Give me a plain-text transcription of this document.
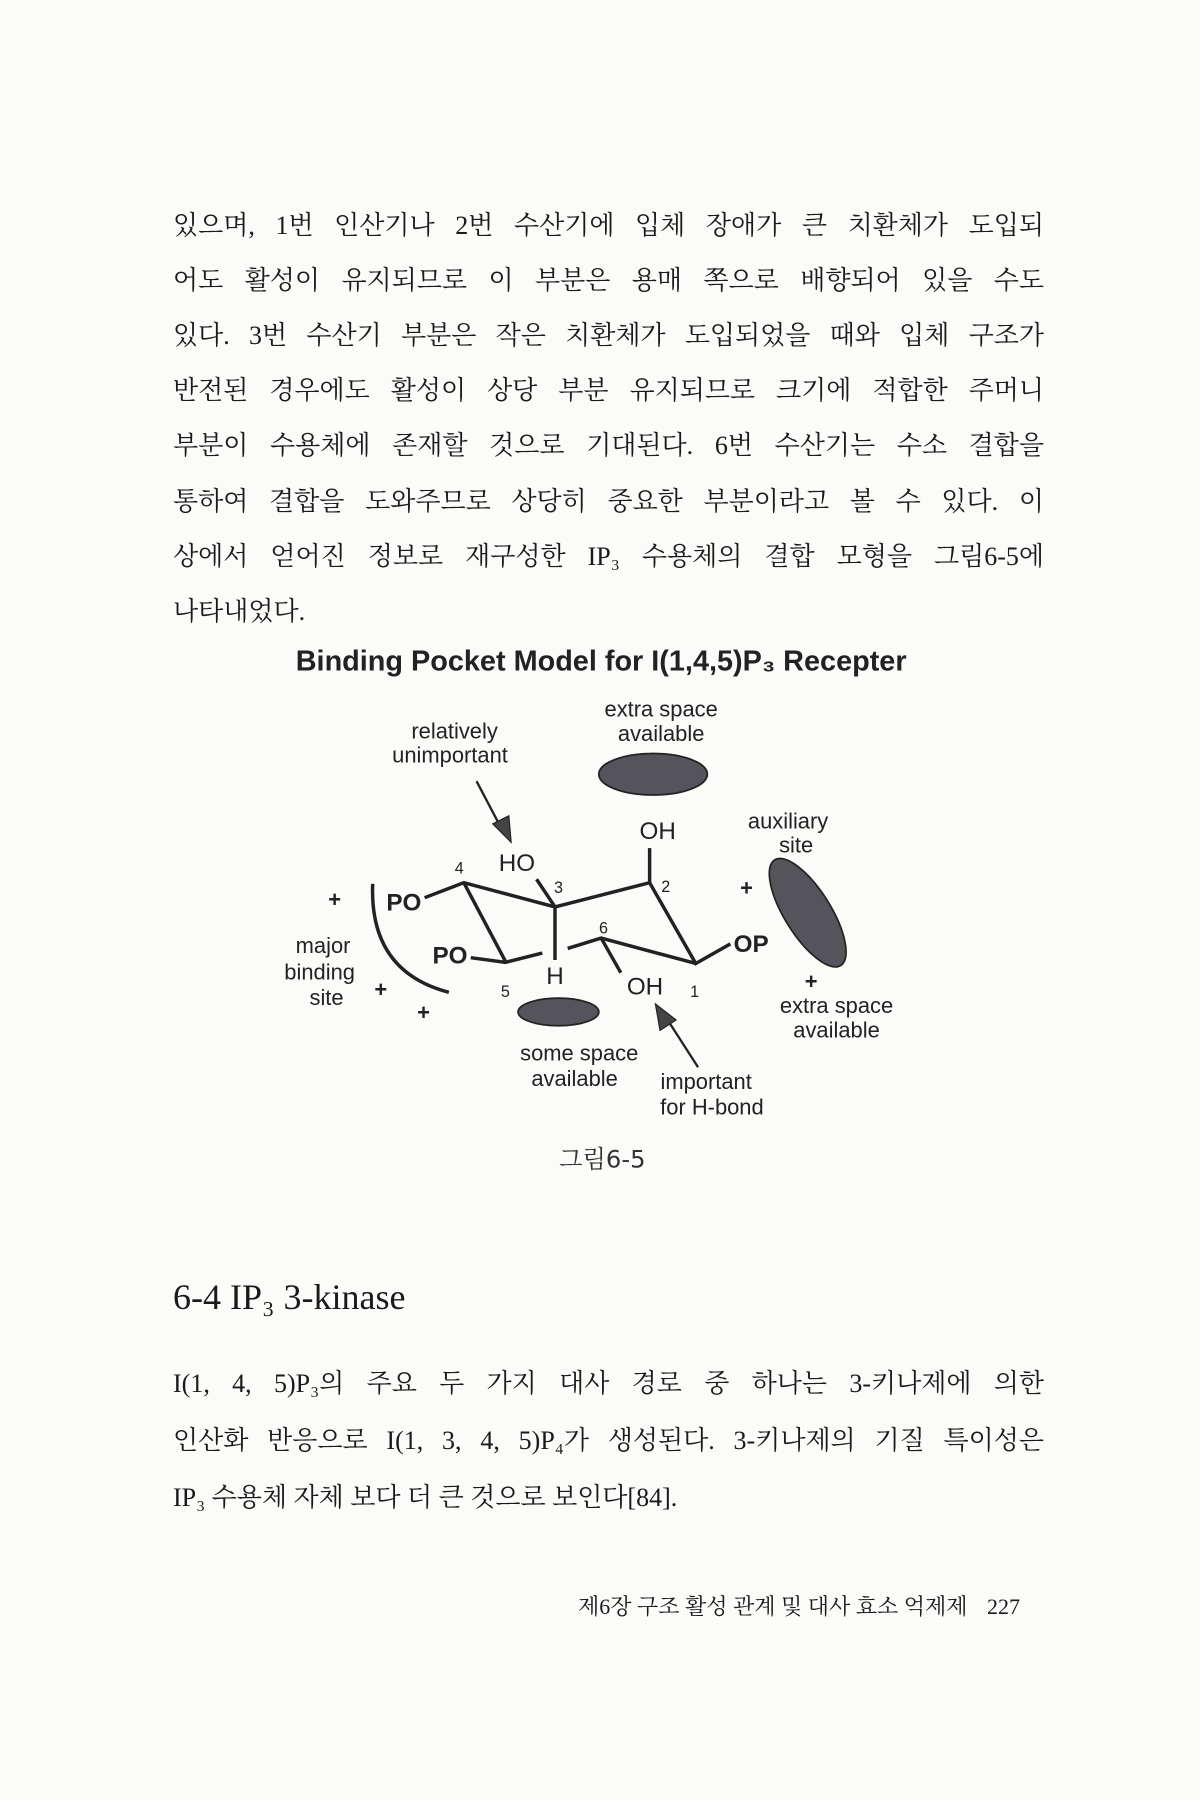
있으며, 1번 인산기나 2번 수산기에 입체 장애가 큰 치환체가 도입되
어도 활성이 유지되므로 이 부분은 용매 쪽으로 배향되어 있을 수도
있다. 3번 수산기 부분은 작은 치환체가 도입되었을 때와 입체 구조가
반전된 경우에도 활성이 상당 부분 유지되므로 크기에 적합한 주머니
부분이 수용체에 존재할 것으로 기대된다. 6번 수산기는 수소 결합을
통하여 결합을 도와주므로 상당히 중요한 부분이라고 볼 수 있다. 이
상에서 얻어진 정보로 재구성한 IP₃ 수용체의 결합 모형을 그림6-5에
나타내었다.
Binding Pocket Model for I(1,4,5)P₃ Recepter
extra space
available
relatively
unimportant
auxiliary
site
+
+
extra space
available
OH
HO
PO
PO
H	OH
OP
4
3	2
6
5	1
+
+
+
major
binding
site
some space
available important
for H-bond
그림6-5
6-4 IP₃ 3-kinase
I(1, 4, 5)P₃의 주요 두 가지 대사 경로 중 하나는 3-키나제에 의한
인산화 반응으로 I(1, 3, 4, 5)P₄가 생성된다. 3-키나제의 기질 특이성은
IP₃ 수용체 자체 보다 더 큰 것으로 보인다[84].
제6장 구조 활성 관계 및 대사 효소 억제제 227
